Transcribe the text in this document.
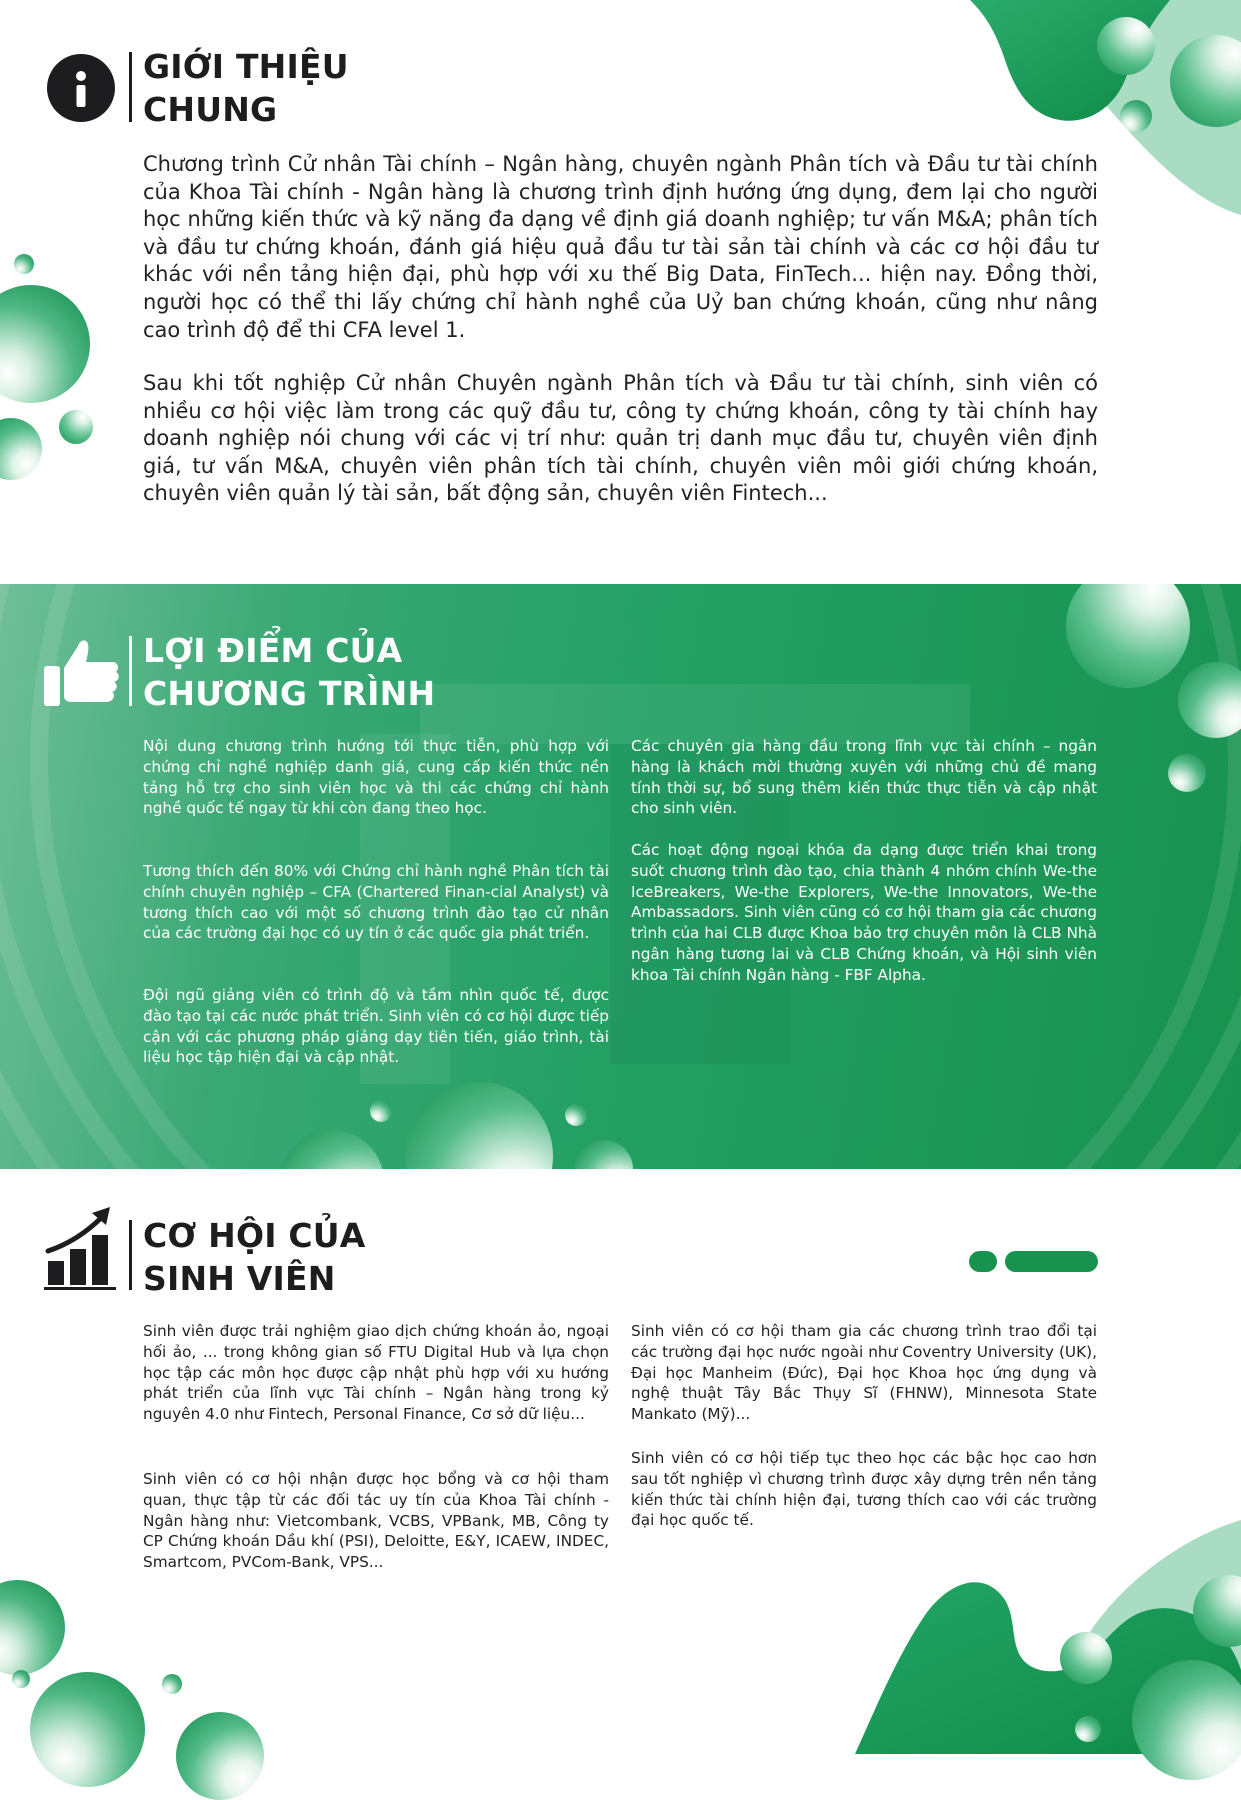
GIỚI THIỆU
CHUNG

Chương trình Cử nhân Tài chính – Ngân hàng, chuyên ngành Phân tích và Đầu tư tài chính của Khoa Tài chính - Ngân hàng là chương trình định hướng ứng dụng, đem lại cho người học những kiến thức và kỹ năng đa dạng về định giá doanh nghiệp; tư vấn M&A; phân tích và đầu tư chứng khoán, đánh giá hiệu quả đầu tư tài sản tài chính và các cơ hội đầu tư khác với nền tảng hiện đại, phù hợp với xu thế Big Data, FinTech... hiện nay. Đồng thời, người học có thể thi lấy chứng chỉ hành nghề của Uỷ ban chứng khoán, cũng như nâng cao trình độ để thi CFA level 1.

Sau khi tốt nghiệp Cử nhân Chuyên ngành Phân tích và Đầu tư tài chính, sinh viên có nhiều cơ hội việc làm trong các quỹ đầu tư, công ty chứng khoán, công ty tài chính hay doanh nghiệp nói chung với các vị trí như: quản trị danh mục đầu tư, chuyên viên định giá, tư vấn M&A, chuyên viên phân tích tài chính, chuyên viên môi giới chứng khoán, chuyên viên quản lý tài sản, bất động sản, chuyên viên Fintech...

LỢI ĐIỂM CỦA
CHƯƠNG TRÌNH

Nội dung chương trình hướng tới thực tiễn, phù hợp với chứng chỉ nghề nghiệp danh giá, cung cấp kiến thức nền tảng hỗ trợ cho sinh viên học và thi các chứng chỉ hành nghề quốc tế ngay từ khi còn đang theo học.

Tương thích đến 80% với Chứng chỉ hành nghề Phân tích tài chính chuyên nghiệp – CFA (Chartered Finan-cial Analyst) và tương thích cao với một số chương trình đào tạo cử nhân của các trường đại học có uy tín ở các quốc gia phát triển.

Đội ngũ giảng viên có trình độ và tầm nhìn quốc tế, được đào tạo tại các nước phát triển. Sinh viên có cơ hội được tiếp cận với các phương pháp giảng dạy tiên tiến, giáo trình, tài liệu học tập hiện đại và cập nhật.

Các chuyên gia hàng đầu trong lĩnh vực tài chính – ngân hàng là khách mời thường xuyên với những chủ đề mang tính thời sự, bổ sung thêm kiến thức thực tiễn và cập nhật cho sinh viên.

Các hoạt động ngoại khóa đa dạng được triển khai trong suốt chương trình đào tạo, chia thành 4 nhóm chính We-the IceBreakers, We-the Explorers, We-the Innovators, We-the Ambassadors. Sinh viên cũng có cơ hội tham gia các chương trình của hai CLB được Khoa bảo trợ chuyên môn là CLB Nhà ngân hàng tương lai và CLB Chứng khoán, và Hội sinh viên khoa Tài chính Ngân hàng - FBF Alpha.

CƠ HỘI CỦA
SINH VIÊN

Sinh viên được trải nghiệm giao dịch chứng khoán ảo, ngoại hối ảo, ... trong không gian số FTU Digital Hub và lựa chọn học tập các môn học được cập nhật phù hợp với xu hướng phát triển của lĩnh vực Tài chính – Ngân hàng trong kỷ nguyên 4.0 như Fintech, Personal Finance, Cơ sở dữ liệu...

Sinh viên có cơ hội nhận được học bổng và cơ hội tham quan, thực tập từ các đối tác uy tín của Khoa Tài chính - Ngân hàng như: Vietcombank, VCBS, VPBank, MB, Công ty CP Chứng khoán Dầu khí (PSI), Deloitte, E&Y, ICAEW, INDEC, Smartcom, PVCom-Bank, VPS...

Sinh viên có cơ hội tham gia các chương trình trao đổi tại các trường đại học nước ngoài như Coventry University (UK), Đại học Manheim (Đức), Đại học Khoa học ứng dụng và nghệ thuật Tây Bắc Thụy Sĩ (FHNW), Minnesota State Mankato (Mỹ)...

Sinh viên có cơ hội tiếp tục theo học các bậc học cao hơn sau tốt nghiệp vì chương trình được xây dựng trên nền tảng kiến thức tài chính hiện đại, tương thích cao với các trường đại học quốc tế.
